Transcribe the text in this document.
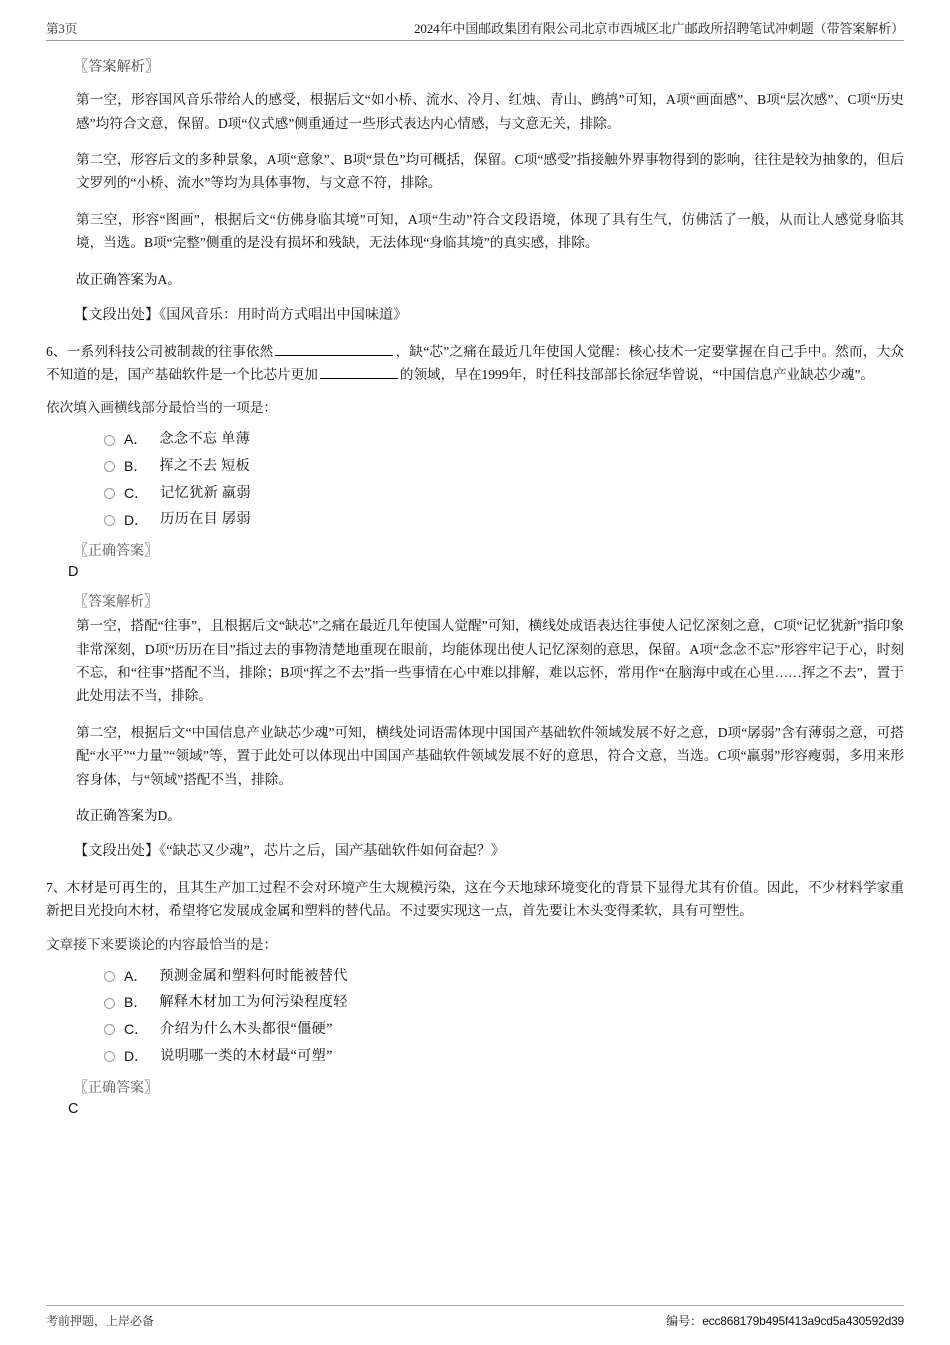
第3页	2024年中国邮政集团有限公司北京市西城区北广邮政所招聘笔试冲刺题（带答案解析）

〖答案解析〗

第一空，形容国风音乐带给人的感受，根据后文“如小桥、流水、冷月、红烛、青山、鹧鸪”可知，A项“画面感”、B项“层次感”、C项“历史感”均符合文意，保留。D项“仪式感”侧重通过一些形式表达内心情感，与文意无关，排除。

第二空，形容后文的多种景象，A项“意象”、B项“景色”均可概括，保留。C项“感受”指接触外界事物得到的影响，往往是较为抽象的，但后文罗列的“小桥、流水”等均为具体事物，与文意不符，排除。

第三空，形容“图画”，根据后文“仿佛身临其境”可知，A项“生动”符合文段语境，体现了具有生气，仿佛活了一般，从而让人感觉身临其境，当选。B项“完整”侧重的是没有损坏和残缺，无法体现“身临其境”的真实感，排除。

故正确答案为A。

【文段出处】《国风音乐：用时尚方式唱出中国味道》

6、一系列科技公司被制裁的往事依然	，缺“芯”之痛在最近几年使国人觉醒：核心技术一定要掌握在自己手中。然而，大众不知道的是，国产基础软件是一个比芯片更加	的领域，早在1999年，时任科技部部长徐冠华曾说，“中国信息产业缺芯少魂”。

依次填入画横线部分最恰当的一项是：

A． 念念不忘 单薄
B． 挥之不去 短板
C． 记忆犹新 羸弱
D． 历历在目 孱弱

〖正确答案〗

D

〖答案解析〗

第一空，搭配“往事”，且根据后文“缺芯”之痛在最近几年使国人觉醒”可知，横线处成语表达往事使人记忆深刻之意，C项“记忆犹新”指印象非常深刻，D项“历历在目”指过去的事物清楚地重现在眼前，均能体现出使人记忆深刻的意思，保留。A项“念念不忘”形容牢记于心，时刻不忘，和“往事”搭配不当，排除；B项“挥之不去”指一些事情在心中难以排解，难以忘怀，常用作“在脑海中或在心里……挥之不去”，置于此处用法不当，排除。

第二空，根据后文“中国信息产业缺芯少魂”可知，横线处词语需体现中国国产基础软件领域发展不好之意，D项“孱弱”含有薄弱之意，可搭配“水平”“力量”“领域”等，置于此处可以体现出中国国产基础软件领域发展不好的意思，符合文意，当选。C项“羸弱”形容瘦弱，多用来形容身体，与“领域”搭配不当，排除。

故正确答案为D。

【文段出处】《“缺芯又少魂”，芯片之后，国产基础软件如何奋起？》

7、木材是可再生的，且其生产加工过程不会对环境产生大规模污染，这在今天地球环境变化的背景下显得尤其有价值。因此，不少材料学家重新把目光投向木材，希望将它发展成金属和塑料的替代品。不过要实现这一点，首先要让木头变得柔软，具有可塑性。

文章接下来要谈论的内容最恰当的是：

A． 预测金属和塑料何时能被替代
B． 解释木材加工为何污染程度轻
C． 介绍为什么木头都很“僵硬”
D． 说明哪一类的木材最“可塑”

〖正确答案〗

C

考前押题，上岸必备	编号：ecc868179b495f413a9cd5a430592d39
